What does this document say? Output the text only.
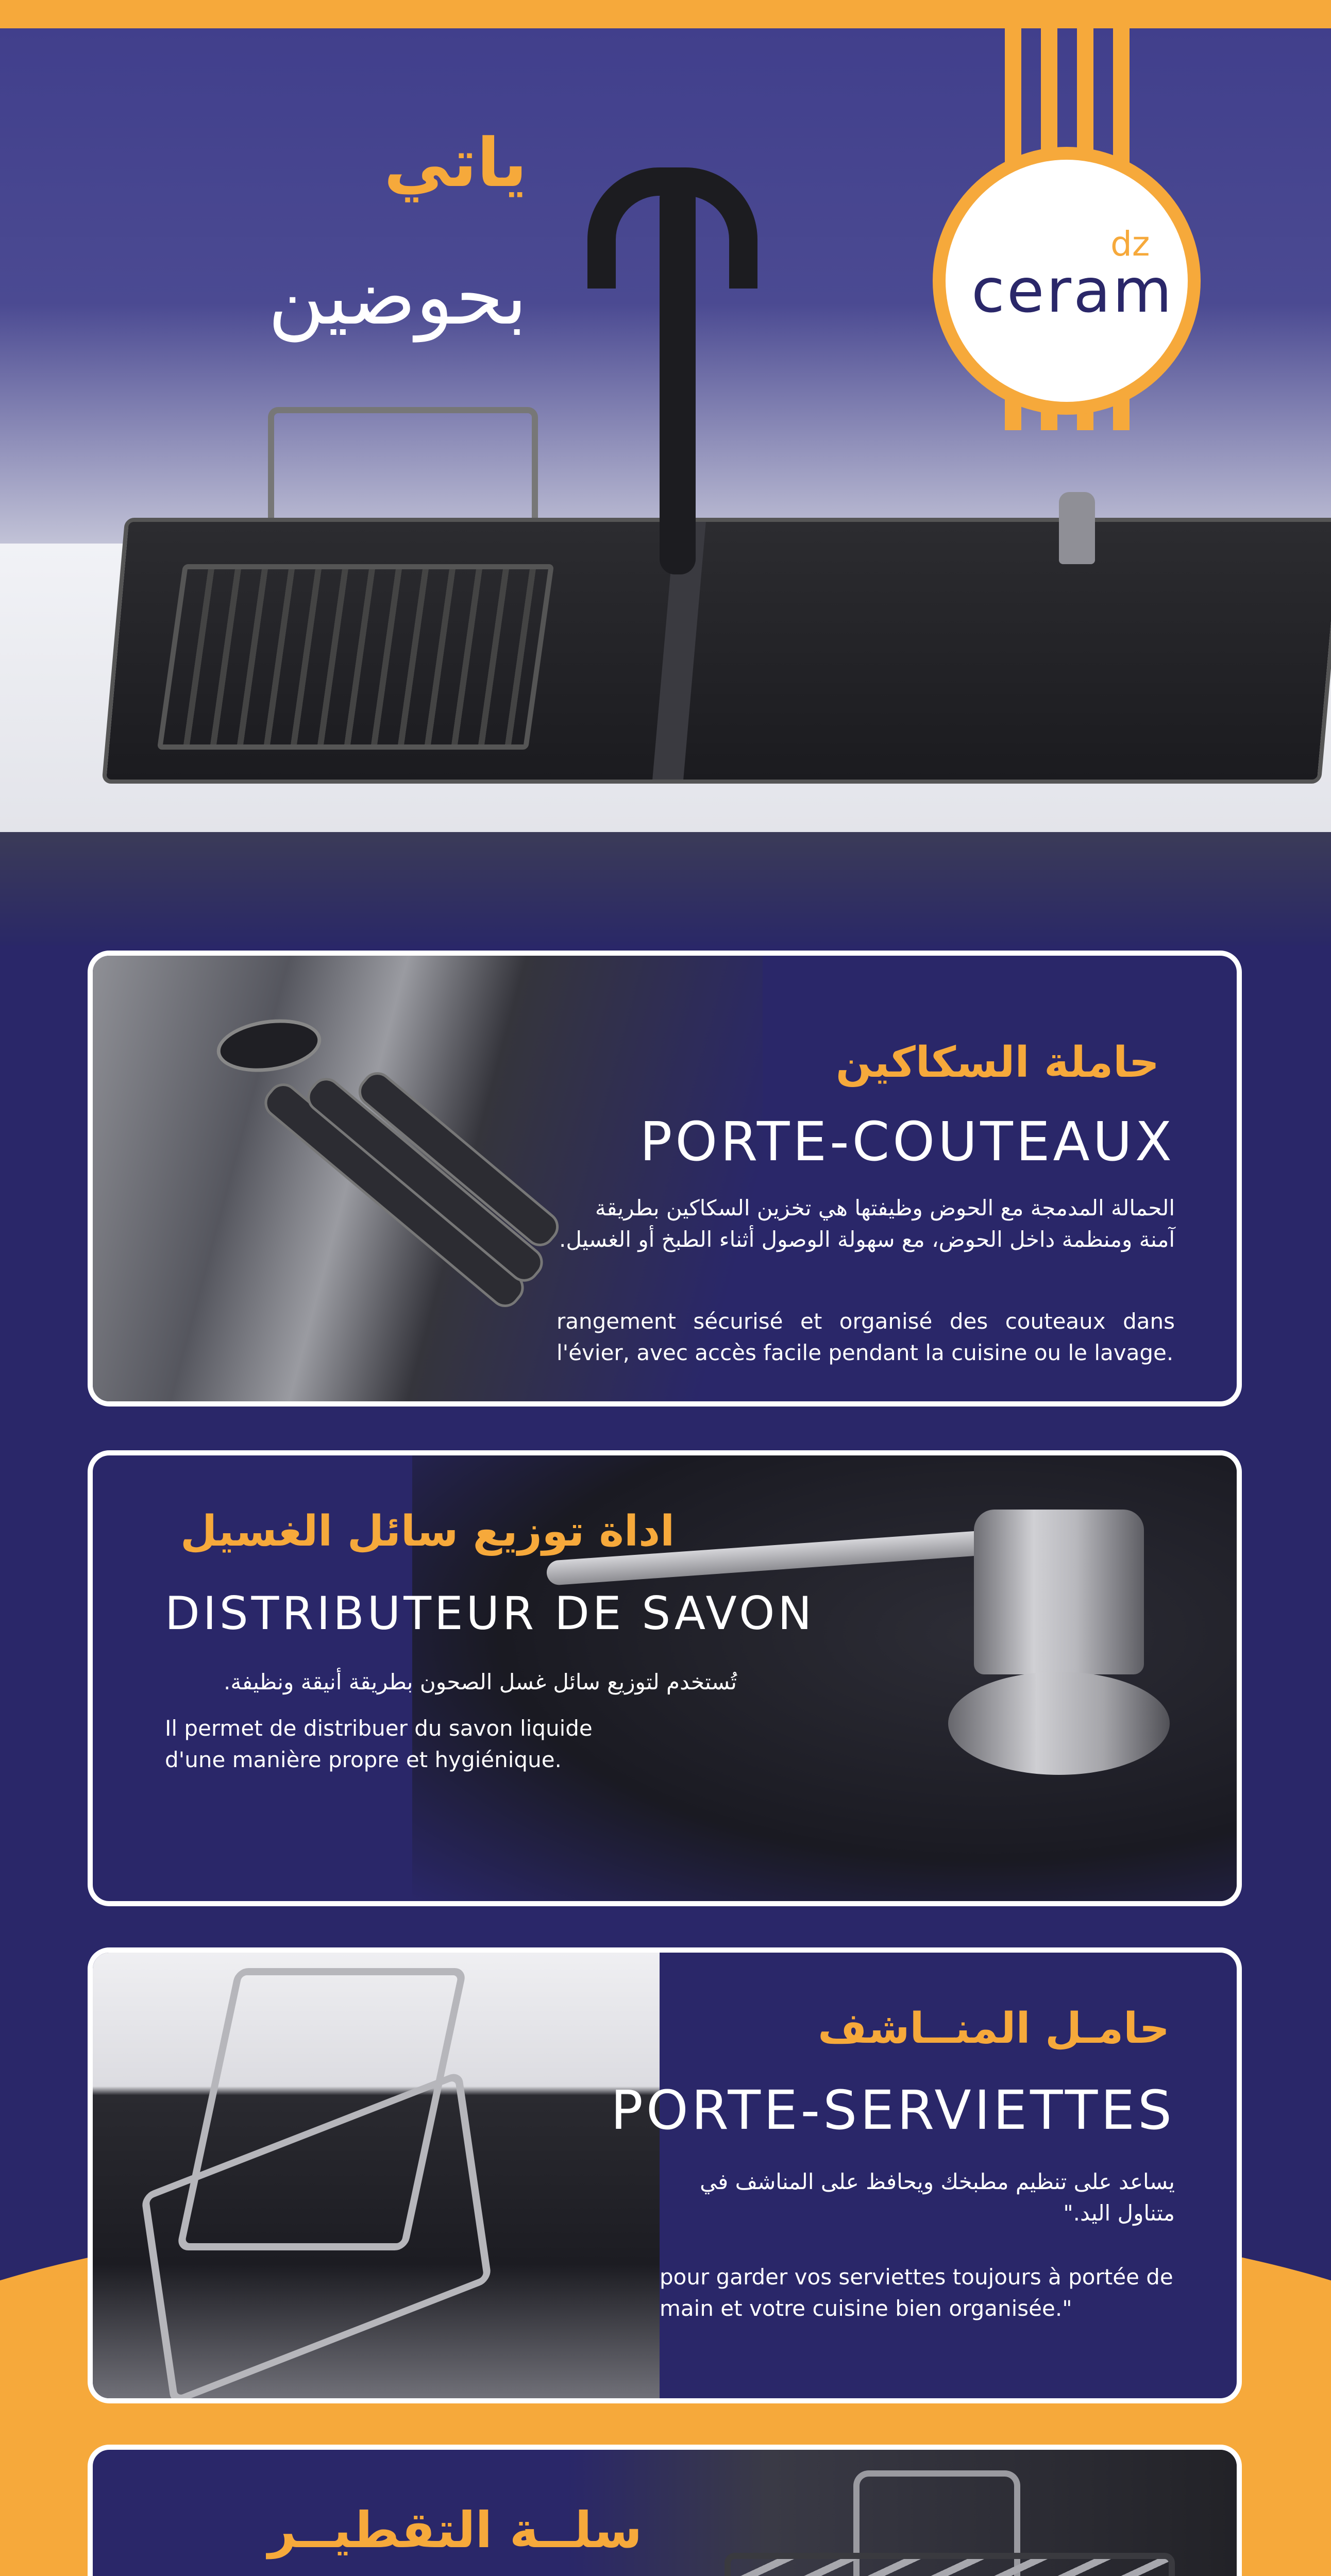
ياتي
بحوضين
dz
ceram
حاملة السكاكين
PORTE-COUTEAUX

الحمالة المدمجة مع الحوض وظيفتها هي تخزين السكاكين بطريقة آمنة ومنظمة داخل الحوض، مع سهولة الوصول أثناء الطبخ أو الغسيل.

rangement sécurisé et organisé des couteaux dans l'évier, avec accès facile pendant la cuisine ou le lavage.

اداة توزيع سائل الغسيل
DISTRIBUTEUR DE SAVON

تُستخدم لتوزيع سائل غسل الصحون بطريقة أنيقة ونظيفة.

Il permet de distribuer du savon liquide d'une manière propre et hygiénique.

حامـل المنــاشف
PORTE-SERVIETTES

يساعد على تنظيم مطبخك ويحافظ على المناشف في متناول اليد."

pour garder vos serviettes toujours à portée de main et votre cuisine bien organisée."

سلــة التقطيــر
